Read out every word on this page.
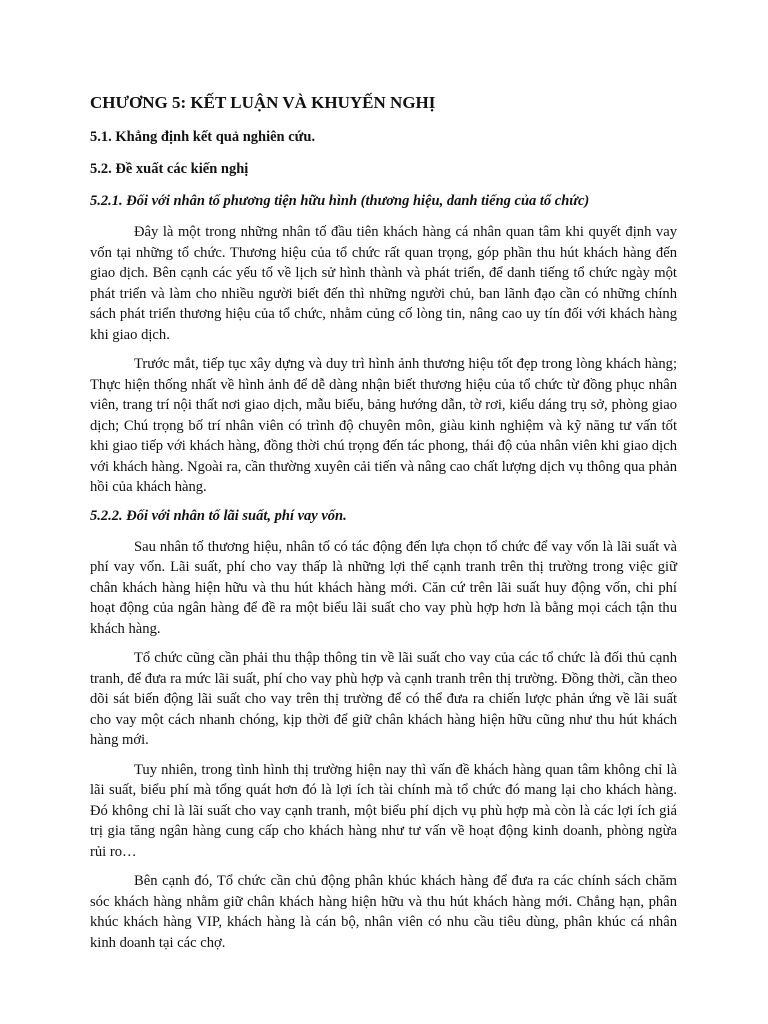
CHƯƠNG 5: KẾT LUẬN VÀ KHUYẾN NGHỊ
5.1. Khẳng định kết quả nghiên cứu.
5.2. Đề xuất các kiến nghị
5.2.1. Đối với nhân tố phương tiện hữu hình (thương hiệu, danh tiếng của tổ chức)

Đây là một trong những nhân tố đầu tiên khách hàng cá nhân quan tâm khi quyết định vay vốn tại những tổ chức. Thương hiệu của tổ chức rất quan trọng, góp phần thu hút khách hàng đến giao dịch. Bên cạnh các yếu tố về lịch sử hình thành và phát triển, để danh tiếng tổ chức ngày một phát triển và làm cho nhiều người biết đến thì những người chủ, ban lãnh đạo cần có những chính sách phát triển thương hiệu của tổ chức, nhằm củng cố lòng tin, nâng cao uy tín đối với khách hàng khi giao dịch.

Trước mắt, tiếp tục xây dựng và duy trì hình ảnh thương hiệu tốt đẹp trong lòng khách hàng; Thực hiện thống nhất về hình ảnh để dễ dàng nhận biết thương hiệu của tổ chức từ đồng phục nhân viên, trang trí nội thất nơi giao dịch, mẫu biểu, bảng hướng dẫn, tờ rơi, kiểu dáng trụ sở, phòng giao dịch; Chú trọng bố trí nhân viên có trình độ chuyên môn, giàu kinh nghiệm và kỹ năng tư vấn tốt khi giao tiếp với khách hàng, đồng thời chú trọng đến tác phong, thái độ của nhân viên khi giao dịch với khách hàng. Ngoài ra, cần thường xuyên cải tiến và nâng cao chất lượng dịch vụ thông qua phản hồi của khách hàng.

5.2.2. Đối với nhân tố lãi suất, phí vay vốn.

Sau nhân tố thương hiệu, nhân tố có tác động đến lựa chọn tổ chức để vay vốn là lãi suất và phí vay vốn. Lãi suất, phí cho vay thấp là những lợi thế cạnh tranh trên thị trường trong việc giữ chân khách hàng hiện hữu và thu hút khách hàng mới. Căn cứ trên lãi suất huy động vốn, chi phí hoạt động của ngân hàng để đề ra một biểu lãi suất cho vay phù hợp hơn là bằng mọi cách tận thu khách hàng.

Tổ chức cũng cần phải thu thập thông tin về lãi suất cho vay của các tổ chức là đối thủ cạnh tranh, để đưa ra mức lãi suất, phí cho vay phù hợp và cạnh tranh trên thị trường. Đồng thời, cần theo dõi sát biến động lãi suất cho vay trên thị trường để có thể đưa ra chiến lược phản ứng về lãi suất cho vay một cách nhanh chóng, kịp thời để giữ chân khách hàng hiện hữu cũng như thu hút khách hàng mới.

Tuy nhiên, trong tình hình thị trường hiện nay thì vấn đề khách hàng quan tâm không chỉ là lãi suất, biểu phí mà tổng quát hơn đó là lợi ích tài chính mà tổ chức đó mang lại cho khách hàng. Đó không chỉ là lãi suất cho vay cạnh tranh, một biểu phí dịch vụ phù hợp mà còn là các lợi ích giá trị gia tăng ngân hàng cung cấp cho khách hàng như tư vấn về hoạt động kinh doanh, phòng ngừa rủi ro…

Bên cạnh đó, Tổ chức cần chủ động phân khúc khách hàng để đưa ra các chính sách chăm sóc khách hàng nhằm giữ chân khách hàng hiện hữu và thu hút khách hàng mới. Chẳng hạn, phân khúc khách hàng VIP, khách hàng là cán bộ, nhân viên có nhu cầu tiêu dùng, phân khúc cá nhân kinh doanh tại các chợ.
